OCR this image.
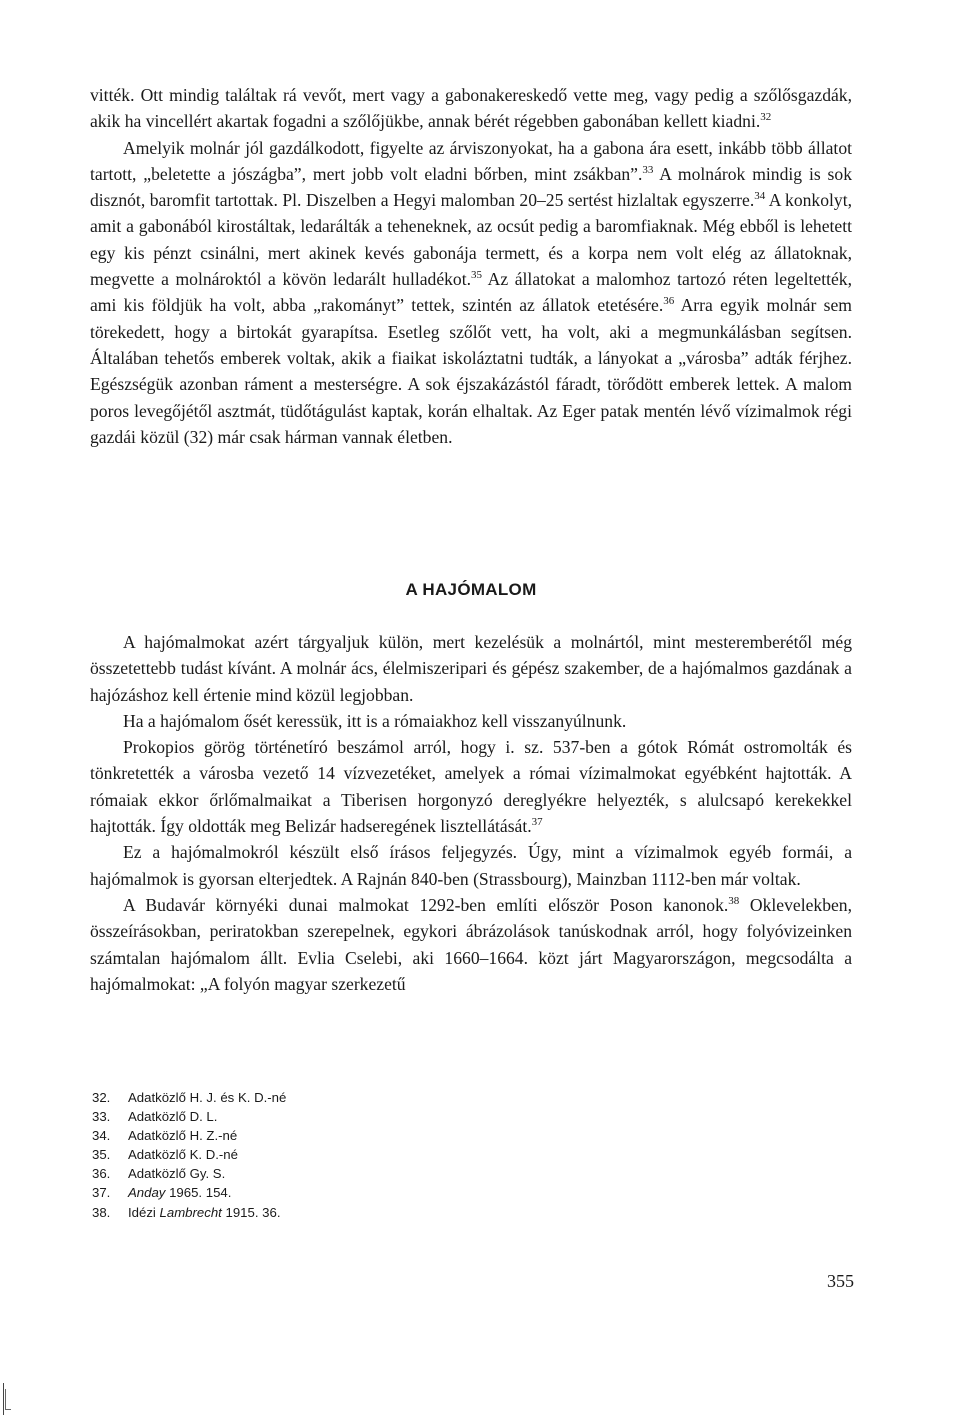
vitték. Ott mindig találtak rá vevőt, mert vagy a gabonakereskedő vette meg, vagy pedig a szőlősgazdák, akik ha vincellért akartak fogadni a szőlőjükbe, annak bérét régebben gabonában kellett kiadni.$^{32}$

Amelyik molnár jól gazdálkodott, figyelte az árviszonyokat, ha a gabona ára esett, inkább több állatot tartott, „beletette a jószágba”, mert jobb volt eladni bőrben, mint zsákban”.$^{33}$ A molnárok mindig is sok disznót, baromfit tartottak. Pl. Diszelben a Hegyi malomban 20–25 sertést hizlaltak egyszerre.$^{34}$ A konkolyt, amit a gabonából kirostáltak, ledarálták a teheneknek, az ocsút pedig a baromfiaknak. Még ebből is lehetett egy kis pénzt csinálni, mert akinek kevés gabonája termett, és a korpa nem volt elég az állatoknak, megvette a molnároktól a kövön ledarált hulladékot.$^{35}$ Az állatokat a malomhoz tartozó réten legeltették, ami kis földjük ha volt, abba „rakományt” tettek, szintén az állatok etetésére.$^{36}$ Arra egyik molnár sem törekedett, hogy a birtokát gyarapítsa. Esetleg szőlőt vett, ha volt, aki a megmunkálásban segítsen. Általában tehetős emberek voltak, akik a fiaikat iskoláztatni tudták, a lányokat a „városba” adták férjhez. Egészségük azonban ráment a mesterségre. A sok éjszakázástól fáradt, törődött emberek lettek. A malom poros levegőjétől asztmát, tüdőtágulást kaptak, korán elhaltak. Az Eger patak mentén lévő vízimalmok régi gazdái közül (32) már csak hárman vannak életben.

A HAJÓMALOM

A hajómalmokat azért tárgyaljuk külön, mert kezelésük a molnártól, mint mesteremberétől még összetettebb tudást kívánt. A molnár ács, élelmiszeripari és gépész szakember, de a hajómalmos gazdának a hajózáshoz kell értenie mind közül legjobban.

Ha a hajómalom ősét keressük, itt is a rómaiakhoz kell visszanyúlnunk.

Prokopios görög történetíró beszámol arról, hogy i. sz. 537-ben a gótok Rómát ostromolták és tönkretették a városba vezető 14 vízvezetéket, amelyek a római vízimalmokat egyébként hajtották. A rómaiak ekkor őrlőmalmaikat a Tiberisen horgonyzó dereglyékre helyezték, s alulcsapó kerekekkel hajtották. Így oldották meg Belizár hadseregének lisztellátását.$^{37}$

Ez a hajómalmokról készült első írásos feljegyzés. Úgy, mint a vízimalmok egyéb formái, a hajómalmok is gyorsan elterjedtek. A Rajnán 840-ben (Strassbourg), Mainzban 1112-ben már voltak.

A Budavár környéki dunai malmokat 1292-ben említi először Poson kanonok.$^{38}$ Oklevelekben, összeírásokban, periratokban szerepelnek, egykori ábrázolások tanúskodnak arról, hogy folyóvizeinken számtalan hajómalom állt. Evlia Cselebi, aki 1660–1664. közt járt Magyarországon, megcsodálta a hajómalmokat: „A folyón magyar szerkezetű

32.	Adatközlő H. J. és K. D.-né
33.	Adatközlő D. L.
34.	Adatközlő H. Z.-né
35.	Adatközlő K. D.-né
36.	Adatközlő Gy. S.
37.	Anday 1965. 154.
38.	Idézi Lambrecht 1915. 36.
355
